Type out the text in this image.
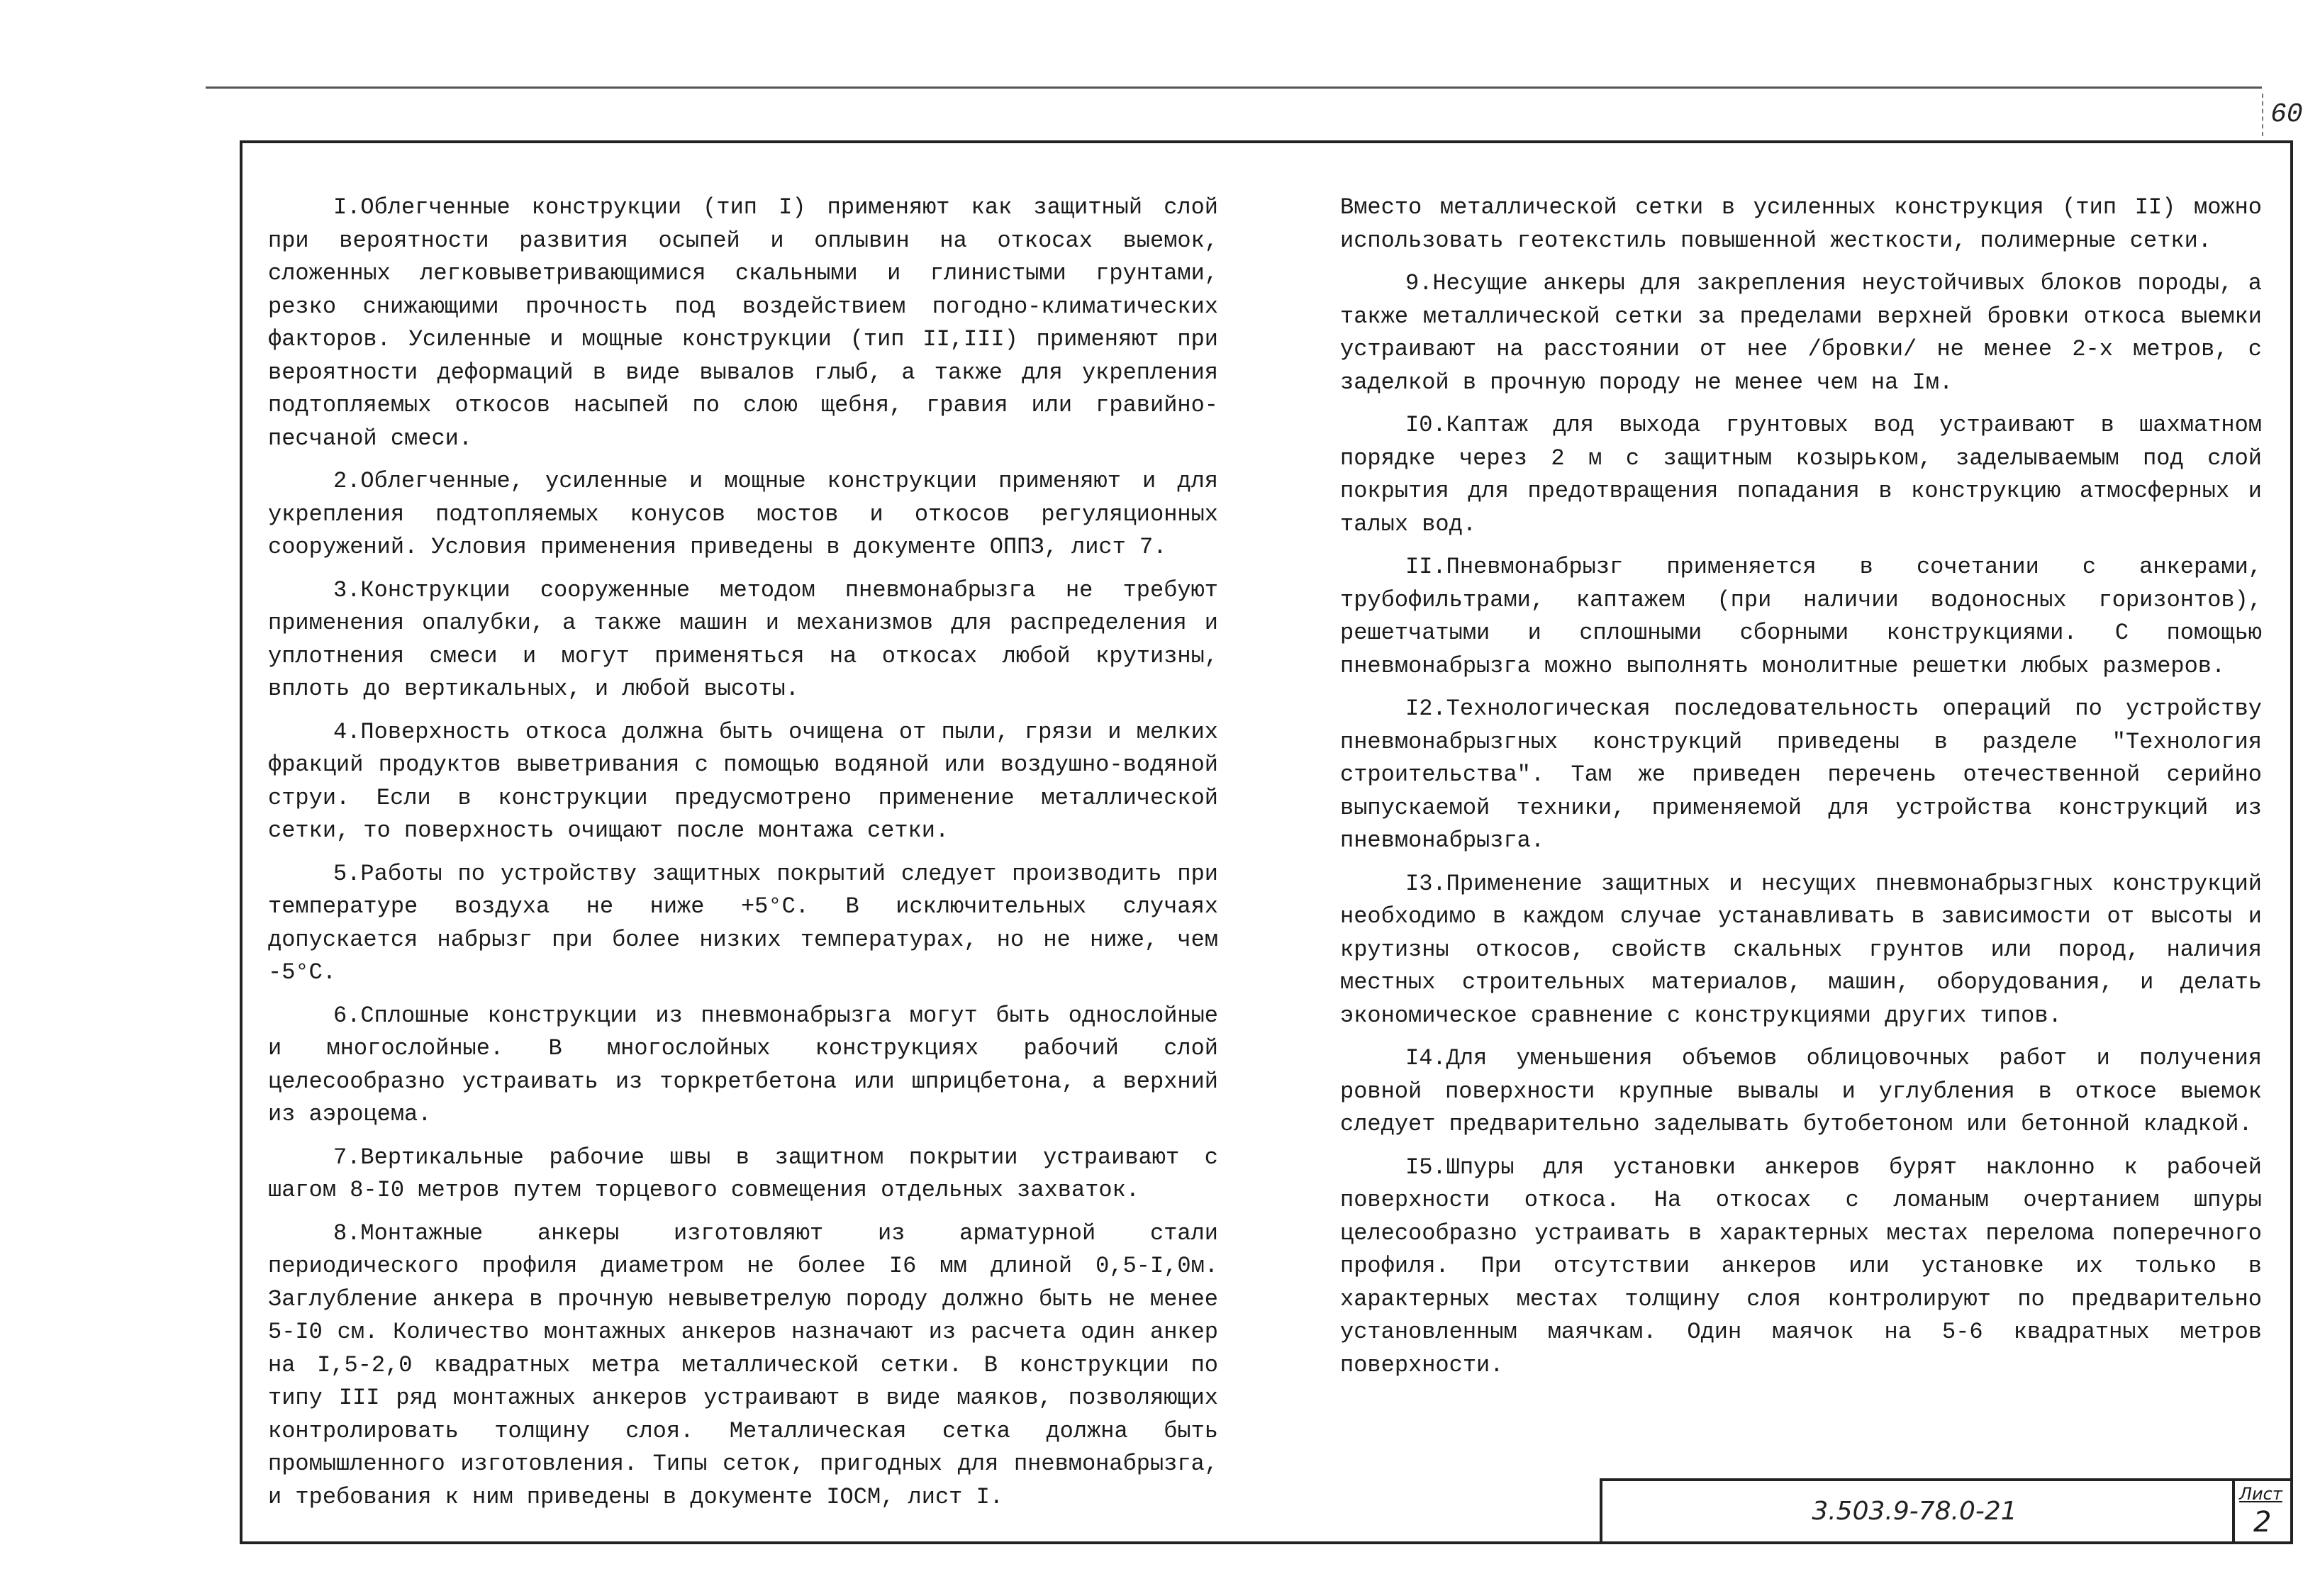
60

I.Облегченные конструкции (тип I) применяют как защитный слой при вероятности развития осыпей и оплывин на откосах выемок, сложенных легковыветривающимися скальными и глинистыми грунтами, резко снижающими прочность под воздействием погодно-климатических факторов. Усиленные и мощные конструкции (тип II,III) применяют при вероятности деформаций в виде вывалов глыб, а также для укрепления подтопляемых откосов насыпей по слою щебня, гравия или гравийно-песчаной смеси.

2.Облегченные, усиленные и мощные конструкции применяют и для укрепления подтопляемых конусов мостов и откосов регуляционных сооружений. Условия применения приведены в документе ОППЗ, лист 7.

3.Конструкции сооруженные методом пневмонабрызга не требуют применения опалубки, а также машин и механизмов для распределения и уплотнения смеси и могут применяться на откосах любой крутизны, вплоть до вертикальных, и любой высоты.

4.Поверхность откоса должна быть очищена от пыли, грязи и мелких фракций продуктов выветривания с помощью водяной или воздушно-водяной струи. Если в конструкции предусмотрено применение металлической сетки, то поверхность очищают после монтажа сетки.

5.Работы по устройству защитных покрытий следует производить при температуре воздуха не ниже +5°С. В исключительных случаях допускается набрызг при более низких температурах, но не ниже, чем -5°С.

6.Сплошные конструкции из пневмонабрызга могут быть однослойные и многослойные. В многослойных конструкциях рабочий слой целесообразно устраивать из торкретбетона или шприцбетона, а верхний из аэроцема.

7.Вертикальные рабочие швы в защитном покрытии устраивают с шагом 8-I0 метров путем торцевого совмещения отдельных захваток.

8.Монтажные анкеры изготовляют из арматурной стали периодического профиля диаметром не более I6 мм длиной 0,5-I,0м. Заглубление анкера в прочную невыветрелую породу должно быть не менее 5-I0 см. Количество монтажных анкеров назначают из расчета один анкер на I,5-2,0 квадратных метра металлической сетки. В конструкции по типу III ряд монтажных анкеров устраивают в виде маяков, позволяющих контролировать толщину слоя. Металлическая сетка должна быть промышленного изготовления. Типы сеток, пригодных для пневмонабрызга, и требования к ним приведены в документе IОСМ, лист I.

Вместо металлической сетки в усиленных конструкция (тип II) можно использовать геотекстиль повышенной жесткости, полимерные сетки.

9.Несущие анкеры для закрепления неустойчивых блоков породы, а также металлической сетки за пределами верхней бровки откоса выемки устраивают на расстоянии от нее /бровки/ не менее 2-х метров, с заделкой в прочную породу не менее чем на Iм.

I0.Каптаж для выхода грунтовых вод устраивают в шахматном порядке через 2 м с защитным козырьком, заделываемым под слой покрытия для предотвращения попадания в конструкцию атмосферных и талых вод.

II.Пневмонабрызг применяется в сочетании с анкерами, трубофильтрами, каптажем (при наличии водоносных горизонтов), решетчатыми и сплошными сборными конструкциями. С помощью пневмонабрызга можно выполнять монолитные решетки любых размеров.

I2.Технологическая последовательность операций по устройству пневмонабрызгных конструкций приведены в разделе "Технология строительства". Там же приведен перечень отечественной серийно выпускаемой техники, применяемой для устройства конструкций из пневмонабрызга.

I3.Применение защитных и несущих пневмонабрызгных конструкций необходимо в каждом случае устанавливать в зависимости от высоты и крутизны откосов, свойств скальных грунтов или пород, наличия местных строительных материалов, машин, оборудования, и делать экономическое сравнение с конструкциями других типов.

I4.Для уменьшения объемов облицовочных работ и получения ровной поверхности крупные вывалы и углубления в откосе выемок следует предварительно заделывать бутобетоном или бетонной кладкой.

I5.Шпуры для установки анкеров бурят наклонно к рабочей поверхности откоса. На откосах с ломаным очертанием шпуры целесообразно устраивать в характерных местах перелома поперечного профиля. При отсутствии анкеров или установке их только в характерных местах толщину слоя контролируют по предварительно установленным маячкам. Один маячок на 5-6 квадратных метров поверхности.

3.503.9-78.0-21
Лист
2
